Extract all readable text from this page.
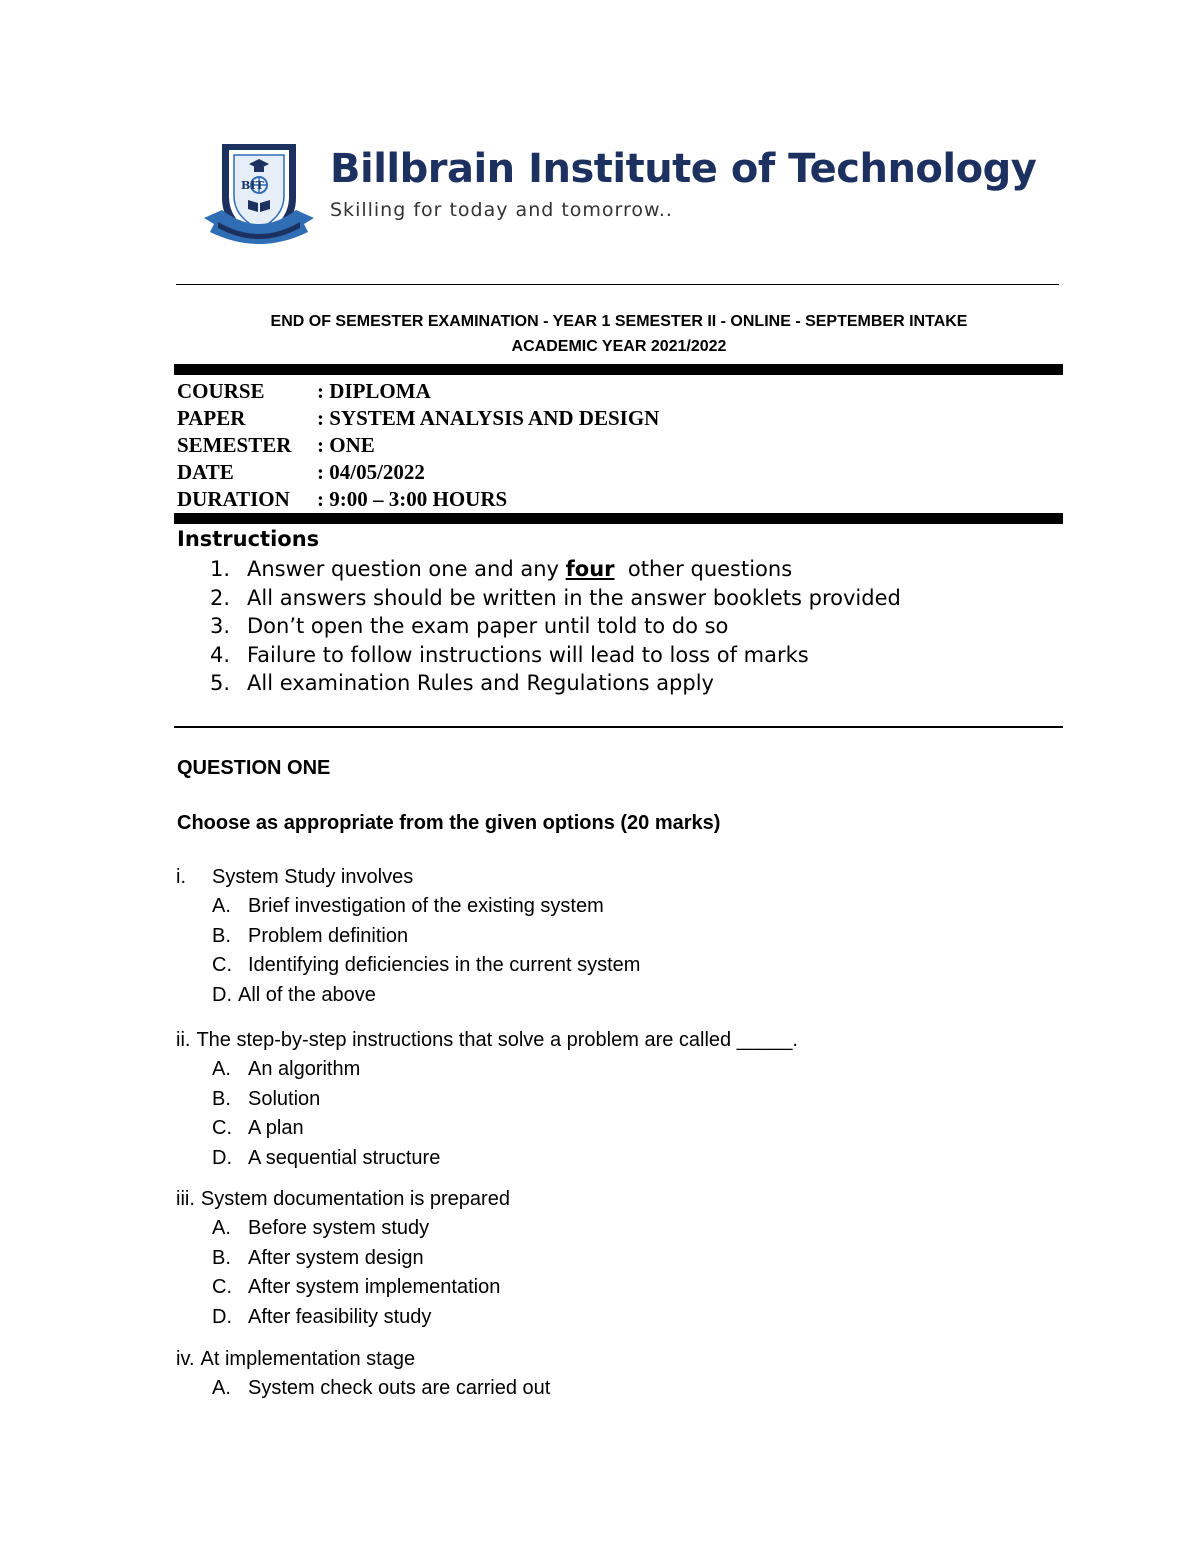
BIT Billbrain Institute of Technology
Skilling for today and tomorrow..
END OF SEMESTER EXAMINATION - YEAR 1 SEMESTER II - ONLINE - SEPTEMBER INTAKE
ACADEMIC YEAR 2021/2022
COURSE	: DIPLOMA
PAPER	: SYSTEM ANALYSIS AND DESIGN
SEMESTER	: ONE
DATE	: 04/05/2022
DURATION	: 9:00 – 3:00 HOURS
Instructions
1. Answer question one and any four  other questions
2. All answers should be written in the answer booklets provided
3. Don’t open the exam paper until told to do so
4. Failure to follow instructions will lead to loss of marks
5. All examination Rules and Regulations apply
QUESTION ONE
Choose as appropriate from the given options (20 marks)
i. System Study involves
A. Brief investigation of the existing system
B. Problem definition
C. Identifying deficiencies in the current system
D. All of the above
ii. The step-by-step instructions that solve a problem are called _____.
A. An algorithm
B. Solution
C. A plan
D. A sequential structure
iii. System documentation is prepared
A. Before system study
B. After system design
C. After system implementation
D. After feasibility study
iv. At implementation stage
A. System check outs are carried out
